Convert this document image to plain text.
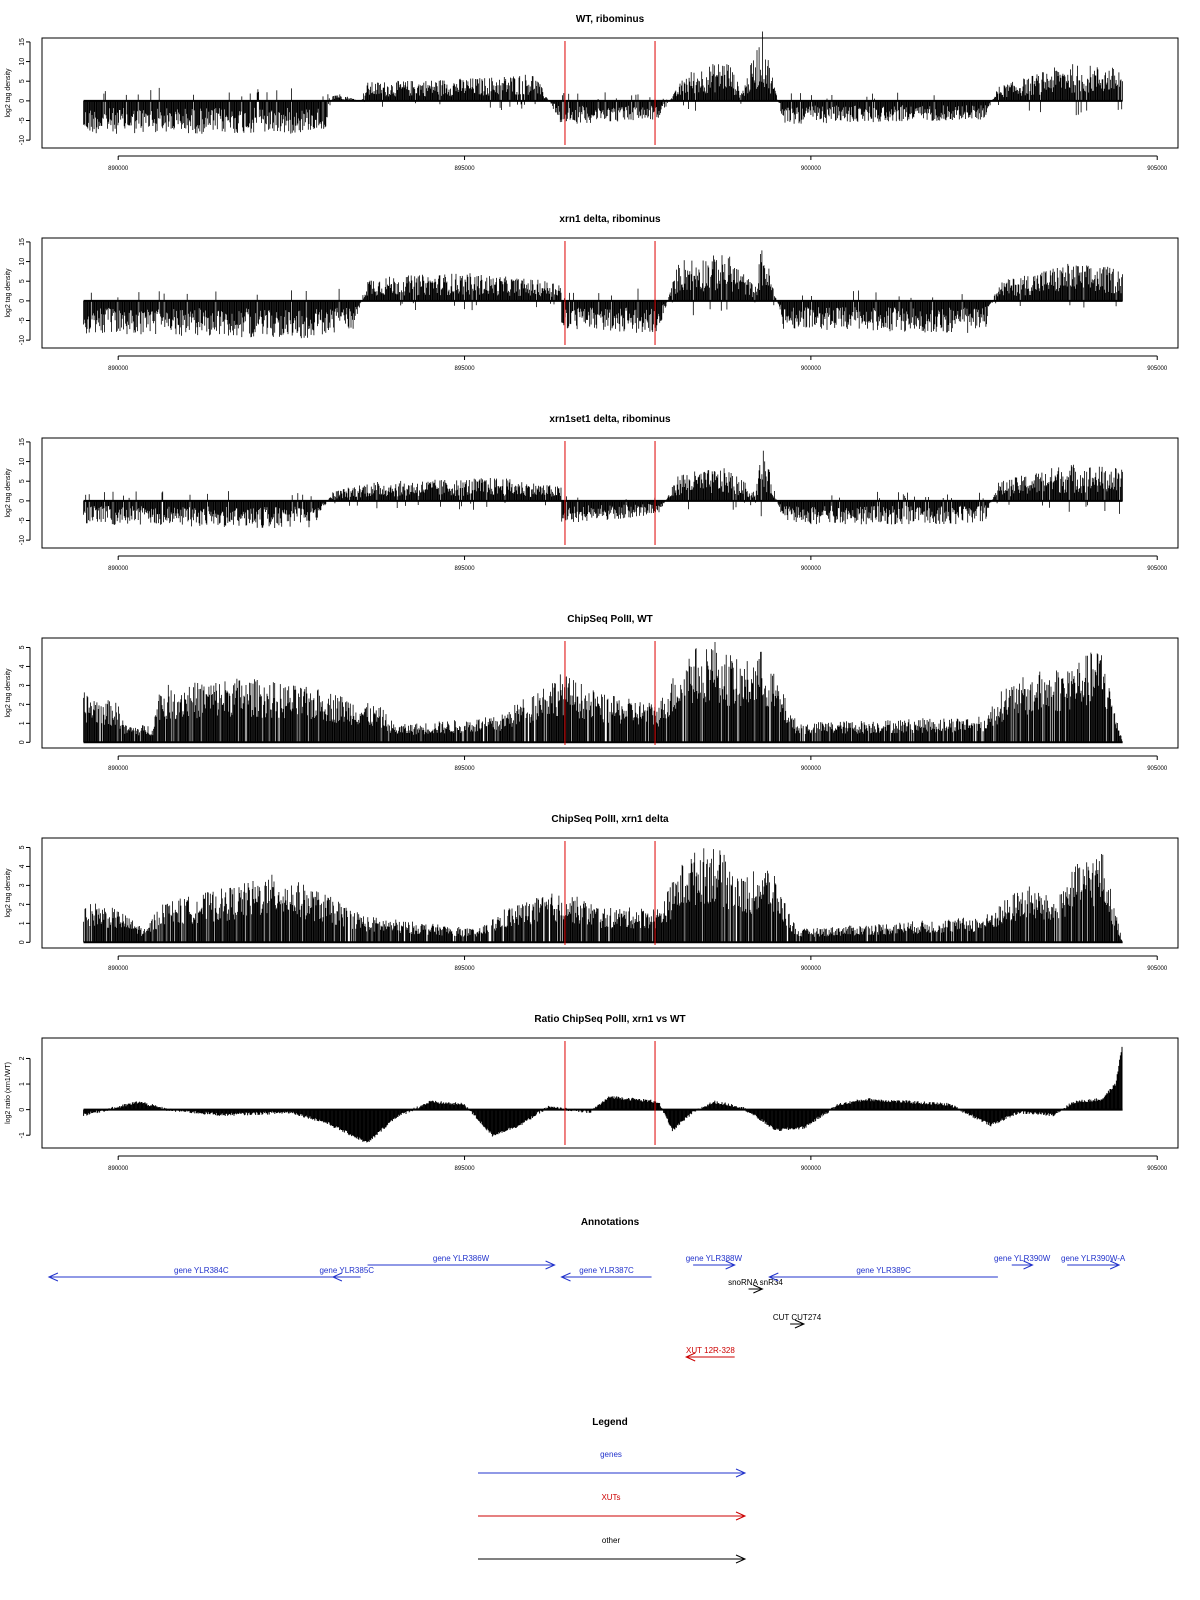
WT, ribominus
15
10
5
0
-5
-10
log2 tag density
890000	895000	900000	905000
xrn1 delta, ribominus
15
10
5
0
-5
-10
log2 tag density
890000	895000	900000	905000
xrn1set1 delta, ribominus
15
10
5
0
-5
-10
log2 tag density
890000	895000	900000	905000
ChipSeq PolII, WT
5
4
3
2
1
0
log2 tag density
890000	895000	900000	905000
ChipSeq PolII, xrn1 delta
5
4
3
2
1
0
log2 tag density
890000	895000	900000	905000
Ratio ChipSeq PolII, xrn1 vs WT
2
1
0
-1
log2 ratio (xrn1/WT)
890000	895000	900000	905000
Annotations
gene YLR384C	gene YLR385C
gene YLR386W
gene YLR387C
gene YLR388W
snoRNA snR34
gene YLR389C
gene YLR390W gene YLR390W-A
CUT CUT274
XUT 12R-328
Legend
genes
XUTs
other
